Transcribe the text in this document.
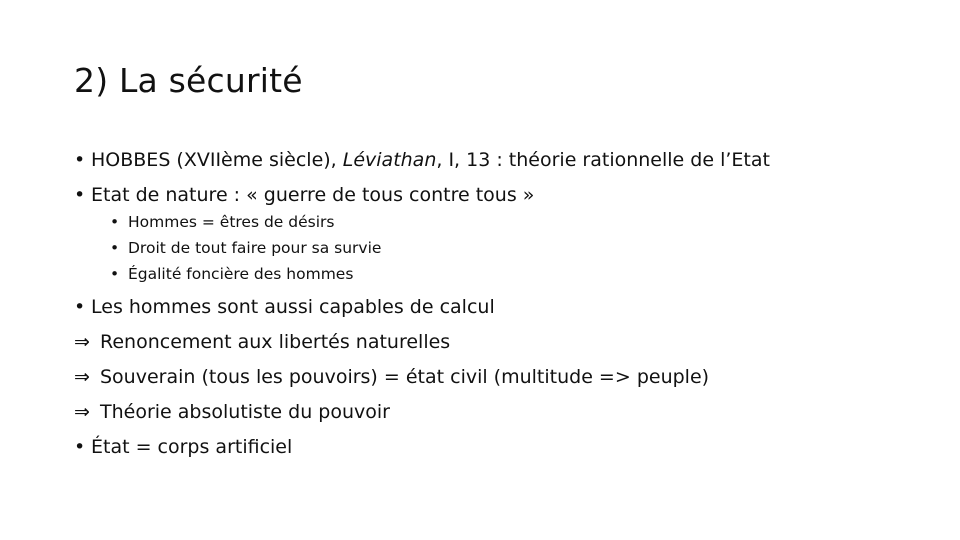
2) La sécurité
• HOBBES (XVIIème siècle), Léviathan, I, 13 : théorie rationnelle de l’Etat
• Etat de nature : « guerre de tous contre tous »
• Hommes = êtres de désirs
• Droit de tout faire pour sa survie
• Égalité foncière des hommes
• Les hommes sont aussi capables de calcul
⇒ Renoncement aux libertés naturelles
⇒ Souverain (tous les pouvoirs) = état civil (multitude => peuple)
⇒ Théorie absolutiste du pouvoir
• État = corps artificiel
